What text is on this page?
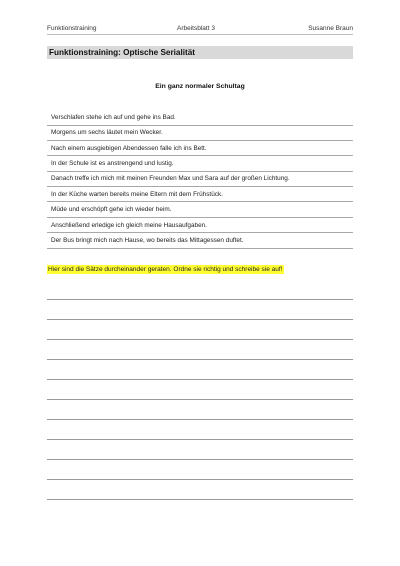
Funktionstraining	Arbeitsblatt 3	Susanne Braun
Funktionstraining: Optische Serialität
Ein ganz normaler Schultag
Verschlafen stehe ich auf und gehe ins Bad.
Morgens um sechs läutet mein Wecker.
Nach einem ausgiebigen Abendessen falle ich ins Bett.
In der Schule ist es anstrengend und lustig.
Danach treffe ich mich mit meinen Freunden Max und Sara auf der großen Lichtung.
In der Küche warten bereits meine Eltern mit dem Frühstück.
Müde und erschöpft gehe ich wieder heim.
Anschließend erledige ich gleich meine Hausaufgaben.
Der Bus bringt mich nach Hause, wo bereits das Mittagessen duftet.
Hier sind die Sätze durcheinander geraten. Ordne sie richtig und schreibe sie auf!
